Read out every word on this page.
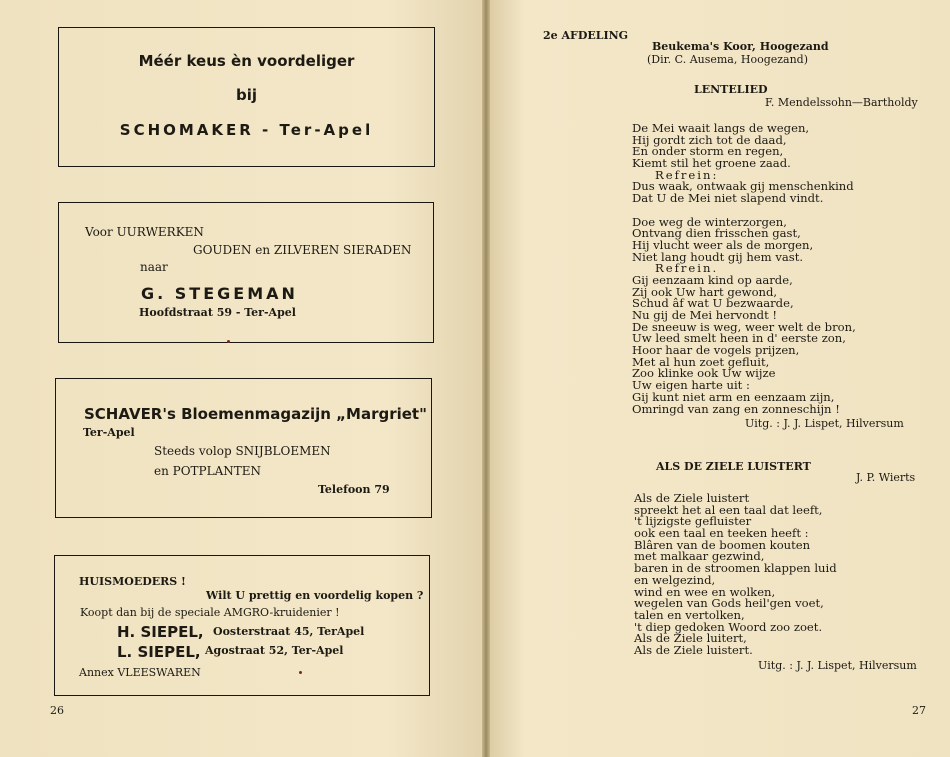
Méér keus èn voordeliger
bij
SCHOMAKER - Ter-Apel
Voor UURWERKEN
GOUDEN en ZILVEREN SIERADEN
naar
G. STEGEMAN
Hoofdstraat 59 - Ter-Apel
SCHAVER's Bloemenmagazijn „Margriet"
Ter-Apel
Steeds volop SNIJBLOEMEN
en POTPLANTEN
Telefoon 79
HUISMOEDERS !
Wilt U prettig en voordelig kopen ?
Koopt dan bij de speciale AMGRO-kruidenier !
H. SIEPEL, Oosterstraat 45, TerApel
L. SIEPEL, Agostraat 52, Ter-Apel
Annex VLEESWAREN
26
2e AFDELING
Beukema's Koor, Hoogezand
(Dir. C. Ausema, Hoogezand)
LENTELIED
F. Mendelssohn—Bartholdy
De Mei waait langs de wegen,
Hij gordt zich tot de daad,
En onder storm en regen,
Kiemt stil het groene zaad.
Refrein:
Dus waak, ontwaak gij menschenkind
Dat U de Mei niet slapend vindt.
Doe weg de winterzorgen,
Ontvang dien frisschen gast,
Hij vlucht weer als de morgen,
Niet lang houdt gij hem vast.
Refrein.
Gij eenzaam kind op aarde,
Zij ook Uw hart gewond,
Schud âf wat U bezwaarde,
Nu gij de Mei hervondt !
De sneeuw is weg, weer welt de bron,
Uw leed smelt heen in d' eerste zon,
Hoor haar de vogels prijzen,
Met al hun zoet gefluit,
Zoo klinke ook Uw wijze
Uw eigen harte uit :
Gij kunt niet arm en eenzaam zijn,
Omringd van zang en zonneschijn !
Uitg. : J. J. Lispet, Hilversum
ALS DE ZIELE LUISTERT
J. P. Wierts
Als de Ziele luistert
spreekt het al een taal dat leeft,
't lijzigste gefluister
ook een taal en teeken heeft :
Blâren van de boomen kouten
met malkaar gezwind,
baren in de stroomen klappen luid
en welgezind,
wind en wee en wolken,
wegelen van Gods heil'gen voet,
talen en vertolken,
't diep gedoken Woord zoo zoet.
Als de Ziele luitert,
Als de Ziele luistert.
Uitg. : J. J. Lispet, Hilversum
27
